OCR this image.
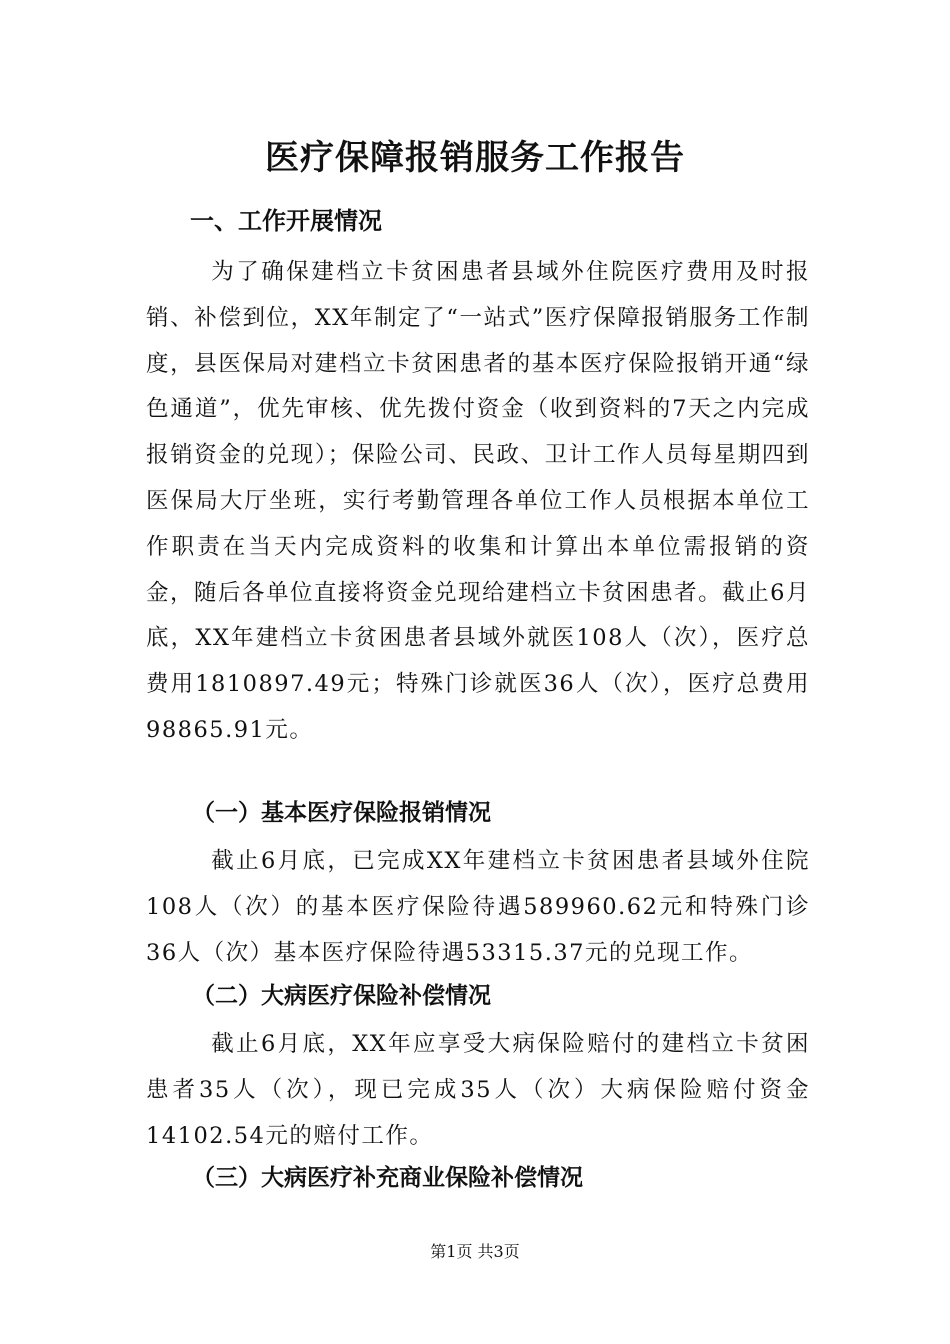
医疗保障报销服务工作报告
一、工作开展情况

为了确保建档立卡贫困患者县域外住院医疗费用及时报销、补偿到位，XX年制定了“一站式”医疗保障报销服务工作制度，县医保局对建档立卡贫困患者的基本医疗保险报销开通“绿色通道”，优先审核、优先拨付资金（收到资料的7天之内完成报销资金的兑现）；保险公司、民政、卫计工作人员每星期四到医保局大厅坐班，实行考勤管理各单位工作人员根据本单位工作职责在当天内完成资料的收集和计算出本单位需报销的资金，随后各单位直接将资金兑现给建档立卡贫困患者。截止6月底，XX年建档立卡贫困患者县域外就医108人（次），医疗总费用1810897.49元；特殊门诊就医36人（次），医疗总费用98865.91元。

（一）基本医疗保险报销情况

截止6月底，已完成XX年建档立卡贫困患者县域外住院108人（次）的基本医疗保险待遇589960.62元和特殊门诊36人（次）基本医疗保险待遇53315.37元的兑现工作。

（二）大病医疗保险补偿情况

截止6月底，XX年应享受大病保险赔付的建档立卡贫困患者35人（次），现已完成35人（次）大病保险赔付资金14102.54元的赔付工作。

（三）大病医疗补充商业保险补偿情况
第1页 共3页
